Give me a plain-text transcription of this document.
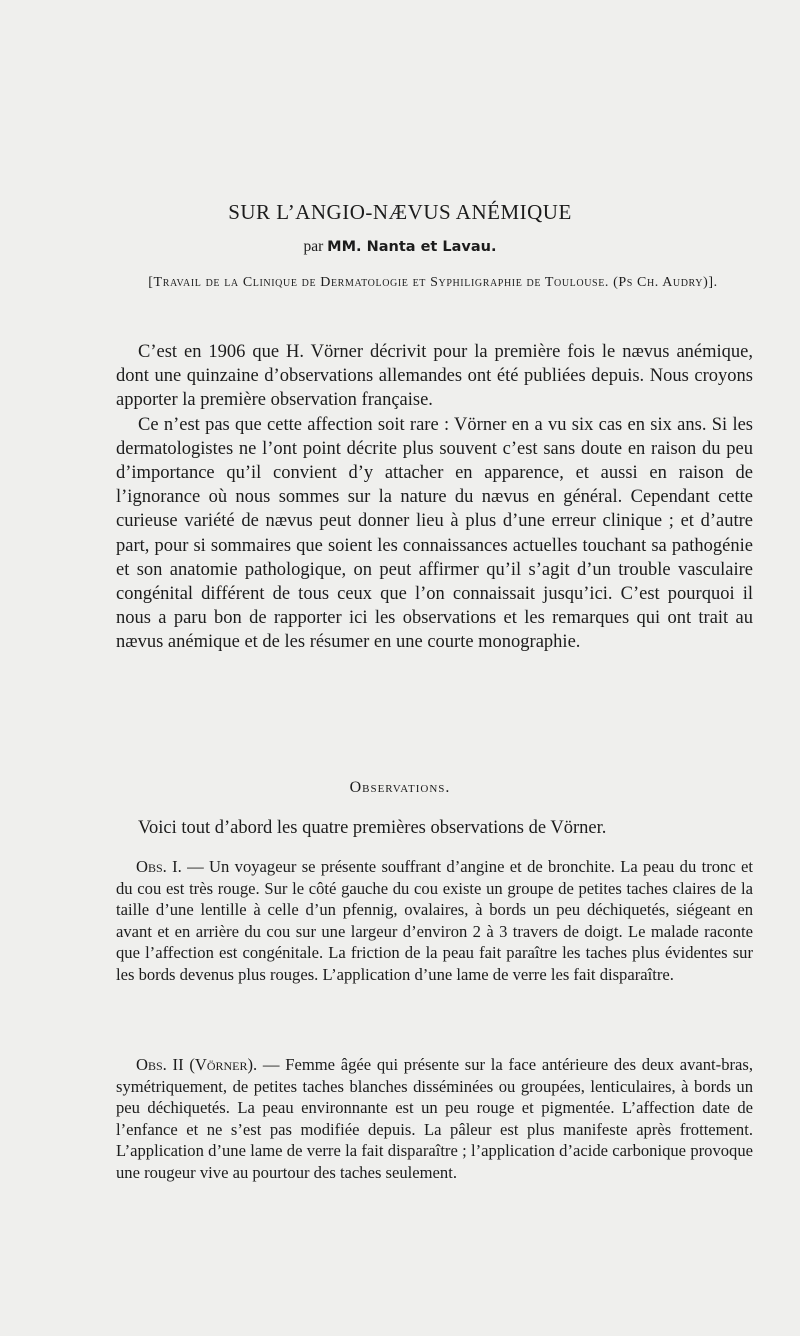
SUR L’ANGIO-NÆVUS ANÉMIQUE
par MM. Nanta et Lavau.
[Travail de la Clinique de Dermatologie et Syphiligraphie de Toulouse. (Ps Ch. Audry)].

C’est en 1906 que H. Vörner décrivit pour la première fois le nævus anémique, dont une quinzaine d’observations allemandes ont été publiées depuis. Nous croyons apporter la première observation française.

Ce n’est pas que cette affection soit rare : Vörner en a vu six cas en six ans. Si les dermatologistes ne l’ont point décrite plus souvent c’est sans doute en raison du peu d’importance qu’il convient d’y attacher en apparence, et aussi en raison de l’ignorance où nous sommes sur la nature du nævus en général. Cependant cette curieuse variété de nævus peut donner lieu à plus d’une erreur clinique ; et d’autre part, pour si sommaires que soient les connaissances actuelles touchant sa pathogénie et son anatomie pathologique, on peut affirmer qu’il s’agit d’un trouble vasculaire congénital différent de tous ceux que l’on connaissait jusqu’ici. C’est pourquoi il nous a paru bon de rapporter ici les observations et les remarques qui ont trait au nævus anémique et de les résumer en une courte monographie.

Observations.
Voici tout d’abord les quatre premières observations de Vörner.

Obs. I. — Un voyageur se présente souffrant d’angine et de bronchite. La peau du tronc et du cou est très rouge. Sur le côté gauche du cou existe un groupe de petites taches claires de la taille d’une lentille à celle d’un pfennig, ovalaires, à bords un peu déchiquetés, siégeant en avant et en arrière du cou sur une largeur d’environ 2 à 3 travers de doigt. Le malade raconte que l’affection est congénitale. La friction de la peau fait paraître les taches plus évidentes sur les bords devenus plus rouges. L’application d’une lame de verre les fait disparaître.

Obs. II (Vörner). — Femme âgée qui présente sur la face antérieure des deux avant-bras, symétriquement, de petites taches blanches disséminées ou groupées, lenticulaires, à bords un peu déchiquetés. La peau environnante est un peu rouge et pigmentée. L’affection date de l’enfance et ne s’est pas modifiée depuis. La pâleur est plus manifeste après frottement. L’application d’une lame de verre la fait disparaître ; l’application d’acide carbonique provoque une rougeur vive au pourtour des taches seulement.
